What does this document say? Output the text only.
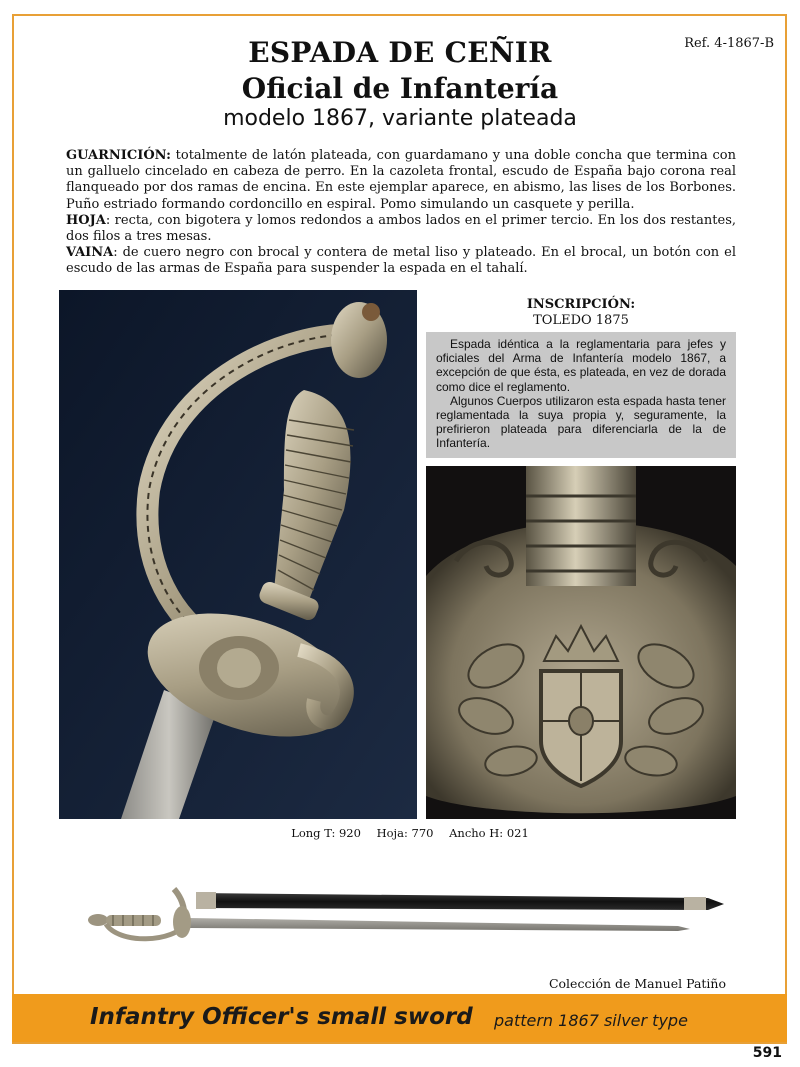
Ref. 4-1867-B
ESPADA DE CEÑIR
Oficial de Infantería
modelo 1867, variante plateada

GUARNICIÓN: totalmente de latón plateada, con guardamano y una doble concha que termina con un galluelo cincelado en cabeza de perro. En la cazoleta frontal, escudo de España bajo corona real flanqueado por dos ramas de encina. En este ejemplar aparece, en abismo, las lises de los Borbones. Puño estriado formando cordoncillo en espiral. Pomo simulando un casquete y perilla.

HOJA: recta, con bigotera y lomos redondos a ambos lados en el primer tercio. En los dos restantes, dos filos a tres mesas.

VAINA: de cuero negro con brocal y contera de metal liso y plateado. En el brocal, un botón con el escudo de las armas de España para suspender la espada en el tahalí.

INSCRIPCIÓN:
TOLEDO 1875

Espada idéntica a la reglamentaria para jefes y oficiales del Arma de Infantería modelo 1867, a excepción de que ésta, es plateada, en vez de dorada como dice el reglamento.

Algunos Cuerpos utilizaron esta espada hasta tener reglamentada la suya propia y, seguramente, la prefirieron plateada para diferenciarla de la de Infantería.

Long T: 920 Hoja: 770 Ancho H: 021
Colección de Manuel Patiño
Infantry Officer's small sword pattern 1867 silver type
591
